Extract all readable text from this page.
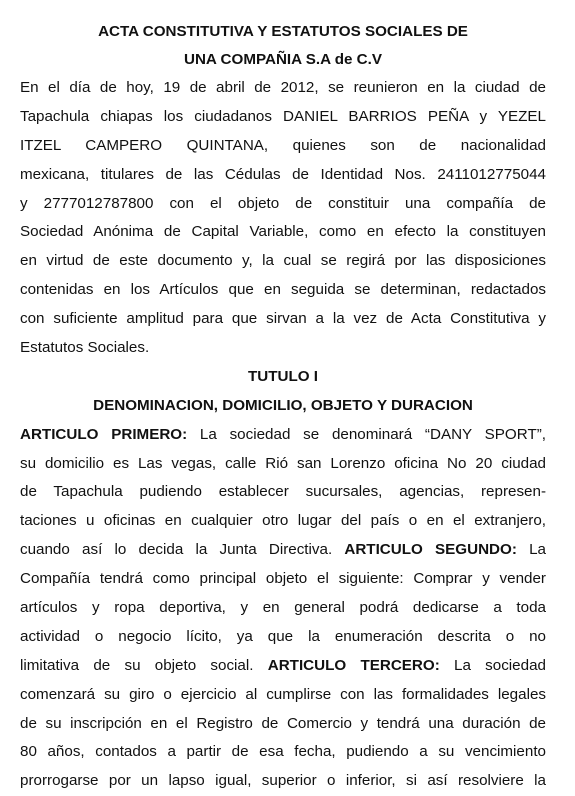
ACTA CONSTITUTIVA Y ESTATUTOS SOCIALES DE
UNA COMPAÑIA S.A de C.V
En el día de hoy, 19 de abril de 2012, se reunieron en la ciudad de
Tapachula chiapas los ciudadanos DANIEL BARRIOS PEÑA y YEZEL
ITZEL CAMPERO QUINTANA, quienes son de nacionalidad
mexicana, titulares de las Cédulas de Identidad Nos. 2411012775044
y 2777012787800 con el objeto de constituir una compañía de
Sociedad Anónima de Capital Variable, como en efecto la constituyen
en virtud de este documento y, la cual se regirá por las disposiciones
contenidas en los Artículos que en seguida se determinan, redactados
con suficiente amplitud para que sirvan a la vez de Acta Constitutiva y
Estatutos Sociales.
TUTULO I
DENOMINACION, DOMICILIO, OBJETO Y DURACION
ARTICULO PRIMERO: La sociedad se denominará “DANY SPORT”,
su domicilio es Las vegas, calle Rió san Lorenzo oficina No 20 ciudad
de Tapachula pudiendo establecer sucursales, agencias, represen-
taciones u oficinas en cualquier otro lugar del país o en el extranjero,
cuando así lo decida la Junta Directiva. ARTICULO SEGUNDO: La
Compañía tendrá como principal objeto el siguiente: Comprar y vender
artículos y ropa deportiva, y en general podrá dedicarse a toda
actividad o negocio lícito, ya que la enumeración descrita o no
limitativa de su objeto social. ARTICULO TERCERO: La sociedad
comenzará su giro o ejercicio al cumplirse con las formalidades legales
de su inscripción en el Registro de Comercio y tendrá una duración de
80 años, contados a partir de esa fecha, pudiendo a su vencimiento
prorrogarse por un lapso igual, superior o inferior, si así resolviere la
